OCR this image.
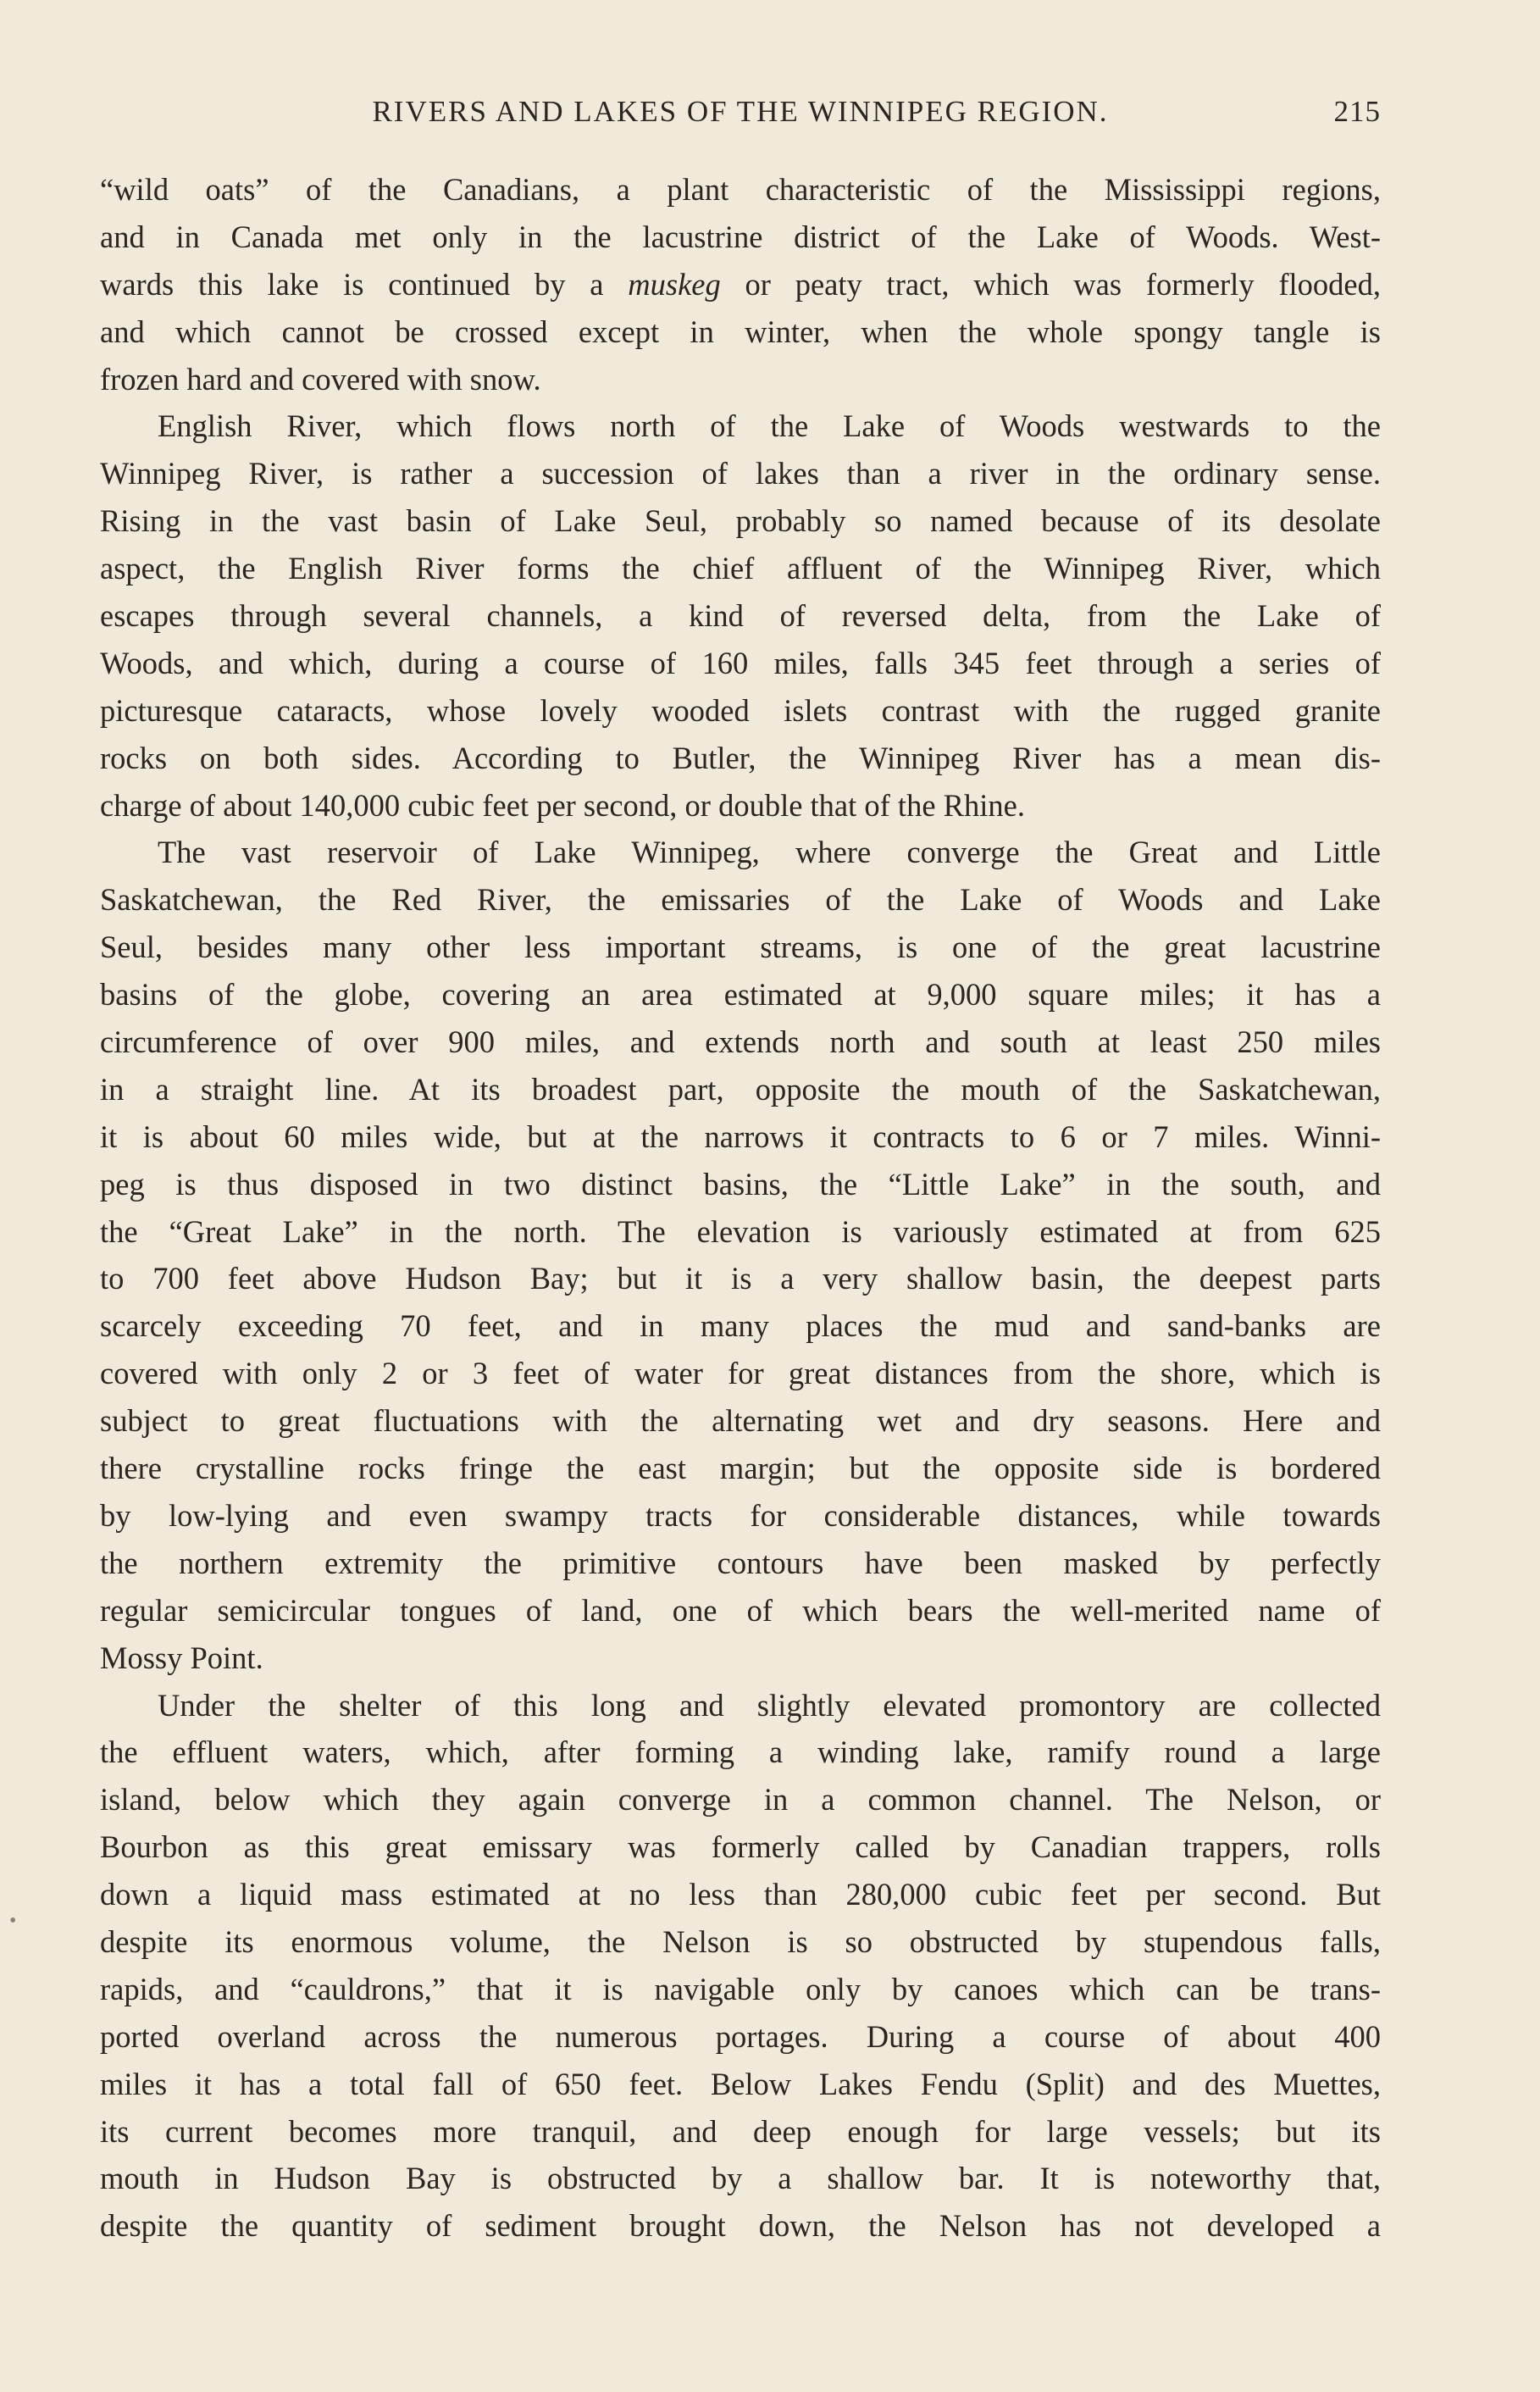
RIVERS AND LAKES OF THE WINNIPEG REGION.	215
“wild oats” of the Canadians, a plant characteristic of the Mississippi regions,
and in Canada met only in the lacustrine district of the Lake of Woods. West-
wards this lake is continued by a muskeg or peaty tract, which was formerly flooded,
and which cannot be crossed except in winter, when the whole spongy tangle is
frozen hard and covered with snow.
English River, which flows north of the Lake of Woods westwards to the
Winnipeg River, is rather a succession of lakes than a river in the ordinary sense.
Rising in the vast basin of Lake Seul, probably so named because of its desolate
aspect, the English River forms the chief affluent of the Winnipeg River, which
escapes through several channels, a kind of reversed delta, from the Lake of
Woods, and which, during a course of 160 miles, falls 345 feet through a series of
picturesque cataracts, whose lovely wooded islets contrast with the rugged granite
rocks on both sides. According to Butler, the Winnipeg River has a mean dis-
charge of about 140,000 cubic feet per second, or double that of the Rhine.
The vast reservoir of Lake Winnipeg, where converge the Great and Little
Saskatchewan, the Red River, the emissaries of the Lake of Woods and Lake
Seul, besides many other less important streams, is one of the great lacustrine
basins of the globe, covering an area estimated at 9,000 square miles; it has a
circumference of over 900 miles, and extends north and south at least 250 miles
in a straight line. At its broadest part, opposite the mouth of the Saskatchewan,
it is about 60 miles wide, but at the narrows it contracts to 6 or 7 miles. Winni-
peg is thus disposed in two distinct basins, the “Little Lake” in the south, and
the “Great Lake” in the north. The elevation is variously estimated at from 625
to 700 feet above Hudson Bay; but it is a very shallow basin, the deepest parts
scarcely exceeding 70 feet, and in many places the mud and sand-banks are
covered with only 2 or 3 feet of water for great distances from the shore, which is
subject to great fluctuations with the alternating wet and dry seasons. Here and
there crystalline rocks fringe the east margin; but the opposite side is bordered
by low-lying and even swampy tracts for considerable distances, while towards
the northern extremity the primitive contours have been masked by perfectly
regular semicircular tongues of land, one of which bears the well-merited name of
Mossy Point.
Under the shelter of this long and slightly elevated promontory are collected
the effluent waters, which, after forming a winding lake, ramify round a large
island, below which they again converge in a common channel. The Nelson, or
Bourbon as this great emissary was formerly called by Canadian trappers, rolls
down a liquid mass estimated at no less than 280,000 cubic feet per second. But
despite its enormous volume, the Nelson is so obstructed by stupendous falls,
rapids, and “cauldrons,” that it is navigable only by canoes which can be trans-
ported overland across the numerous portages. During a course of about 400
miles it has a total fall of 650 feet. Below Lakes Fendu (Split) and des Muettes,
its current becomes more tranquil, and deep enough for large vessels; but its
mouth in Hudson Bay is obstructed by a shallow bar. It is noteworthy that,
despite the quantity of sediment brought down, the Nelson has not developed a
•
